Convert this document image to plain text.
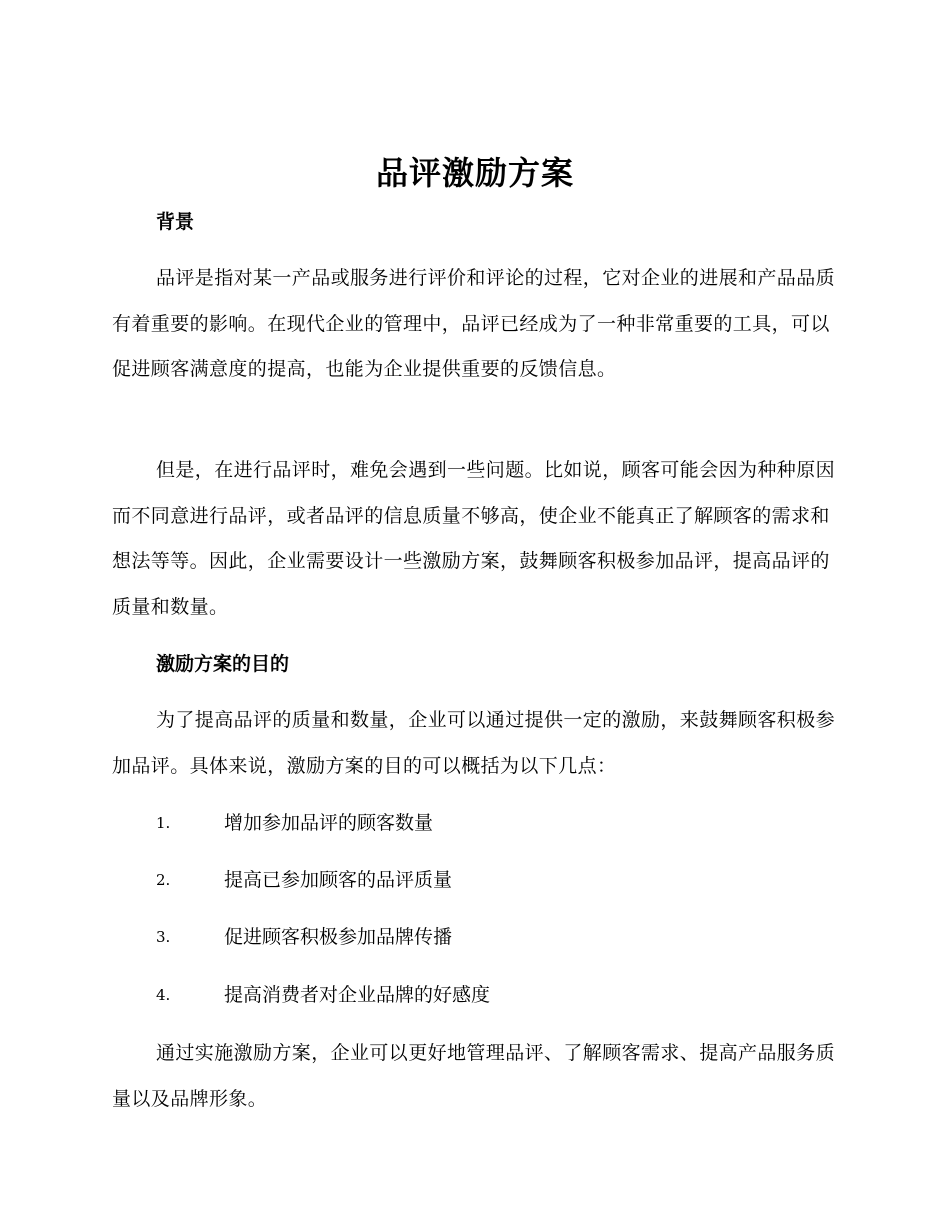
品评激励方案
背景

品评是指对某一产品或服务进行评价和评论的过程，它对企业的进展和产品品质有着重要的影响。在现代企业的管理中，品评已经成为了一种非常重要的工具，可以促进顾客满意度的提高，也能为企业提供重要的反馈信息。

但是，在进行品评时，难免会遇到一些问题。比如说，顾客可能会因为种种原因而不同意进行品评，或者品评的信息质量不够高，使企业不能真正了解顾客的需求和想法等等。因此，企业需要设计一些激励方案，鼓舞顾客积极参加品评，提高品评的质量和数量。

激励方案的目的

为了提高品评的质量和数量，企业可以通过提供一定的激励，来鼓舞顾客积极参加品评。具体来说，激励方案的目的可以概括为以下几点：

1.	增加参加品评的顾客数量
2.	提高已参加顾客的品评质量
3.	促进顾客积极参加品牌传播
4.	提高消费者对企业品牌的好感度

通过实施激励方案，企业可以更好地管理品评、了解顾客需求、提高产品服务质量以及品牌形象。
